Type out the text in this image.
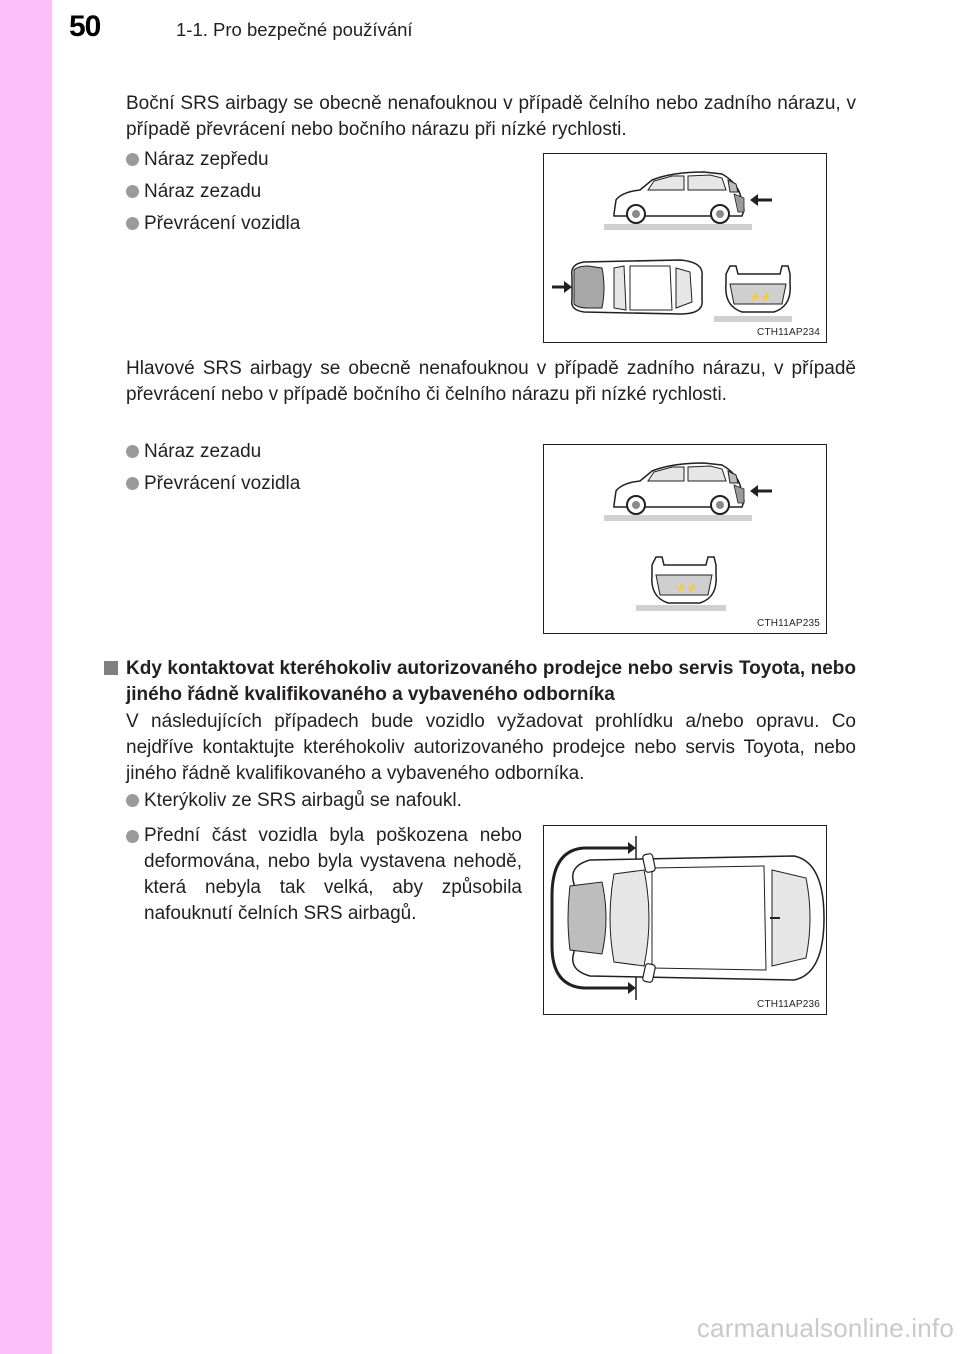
50	1-1. Pro bezpečné používání

Boční SRS airbagy se obecně nenafouknou v případě čelního nebo zadního nárazu, v případě převrácení nebo bočního nárazu při nízké rychlosti.

Náraz zepředu
Náraz zezadu
Převrácení vozidla
⚡⚡
CTH11AP234

Hlavové SRS airbagy se obecně nenafouknou v případě zadního nárazu, v případě převrácení nebo v případě bočního či čelního nárazu při nízké rychlosti.

Náraz zezadu
Převrácení vozidla
⚡⚡
CTH11AP235
Kdy kontaktovat kteréhokoliv autorizovaného prodejce nebo servis Toyota, nebo jiného řádně kvalifikovaného a vybaveného odborníka

V následujících případech bude vozidlo vyžadovat prohlídku a/nebo opravu. Co nejdříve kontaktujte kteréhokoliv autorizovaného prodejce nebo servis Toyota, nebo jiného řádně kvalifikovaného a vybaveného odborníka.

Kterýkoliv ze SRS airbagů se nafoukl.
Přední část vozidla byla poškozena nebo deformována, nebo byla vystavena nehodě, která nebyla tak velká, aby způsobila nafouknutí čelních SRS airbagů.
CTH11AP236
carmanualsonline.info
